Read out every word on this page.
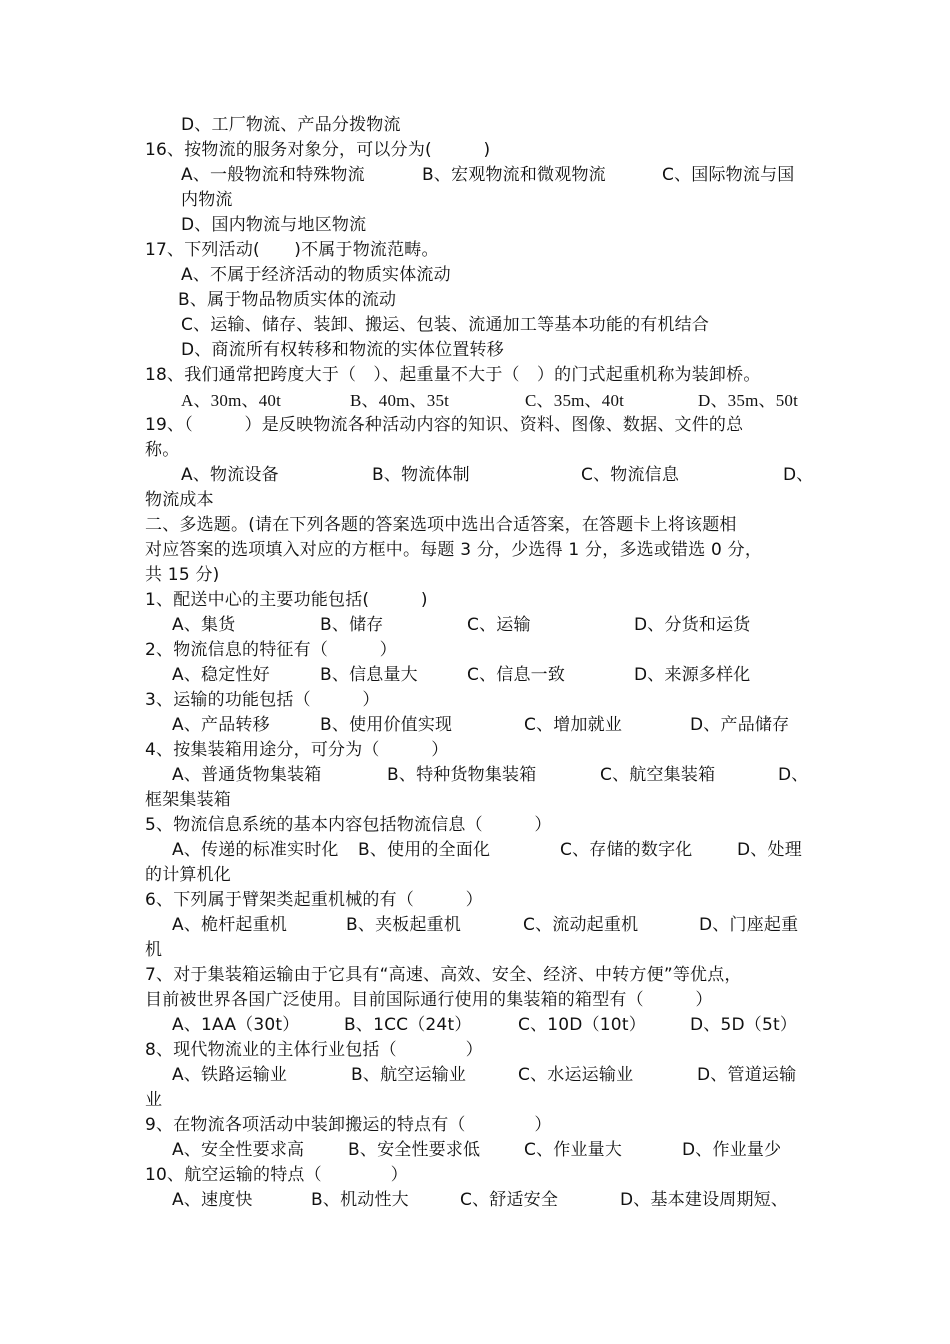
D、工厂物流、产品分拨物流

16、按物流的服务对象分，可以分为(　　　)

A、一般物流和特殊物流

	B、宏观物流和微观物流

	C、国际物流与国

内物流

D、国内物流与地区物流

17、下列活动(　　)不属于物流范畴。

A、不属于经济活动的物质实体流动

B、属于物品物质实体的流动

C、运输、储存、装卸、搬运、包装、流通加工等基本功能的有机结合

D、商流所有权转移和物流的实体位置转移

18、我们通常把跨度大于（　）、起重量不大于（　）的门式起重机称为装卸桥。

A、30m、40t

	B、40m、35t

	C、35m、40t

	D、35m、50t

19、（　　　）是反映物流各种活动内容的知识、资料、图像、数据、文件的总

称。

A、物流设备

	B、物流体制

	C、物流信息

	D、

物流成本

二、多选题。(请在下列各题的答案选项中选出合适答案，在答题卡上将该题相

对应答案的选项填入对应的方框中。每题 3 分，少选得 1 分，多选或错选 0 分，

共 15 分)

1、配送中心的主要功能包括(　　　)

A、集货

	B、储存

	C、运输

	D、分货和运货

2、物流信息的特征有（　　　）

A、稳定性好

	B、信息量大

	C、信息一致

	D、来源多样化

3、运输的功能包括（　　　）

A、产品转移

	B、使用价值实现

	C、增加就业

	D、产品储存

4、按集装箱用途分，可分为（　　　）

A、普通货物集装箱

	B、特种货物集装箱

	C、航空集装箱

	D、

框架集装箱

5、物流信息系统的基本内容包括物流信息（　　　）

A、传递的标准实时化

B、使用的全面化

	C、存储的数字化

	D、处理

的计算机化

6、下列属于臂架类起重机械的有（　　　）

A、桅杆起重机

	B、夹板起重机

	C、流动起重机

	D、门座起重

机

7、对于集装箱运输由于它具有“高速、高效、安全、经济、中转方便”等优点，

目前被世界各国广泛使用。目前国际通行使用的集装箱的箱型有（　　　）

A、1AA（30t）

	B、1CC（24t）

	C、10D（10t）

	D、5D（5t）

8、现代物流业的主体行业包括（　　　　）

A、铁路运输业

	B、航空运输业

	C、水运运输业

	D、管道运输

业

9、在物流各项活动中装卸搬运的特点有（　　　　）

A、安全性要求高

	B、安全性要求低

	C、作业量大

	D、作业量少

10、航空运输的特点（　　　　）

A、速度快

	B、机动性大

	C、舒适安全

	D、基本建设周期短、
